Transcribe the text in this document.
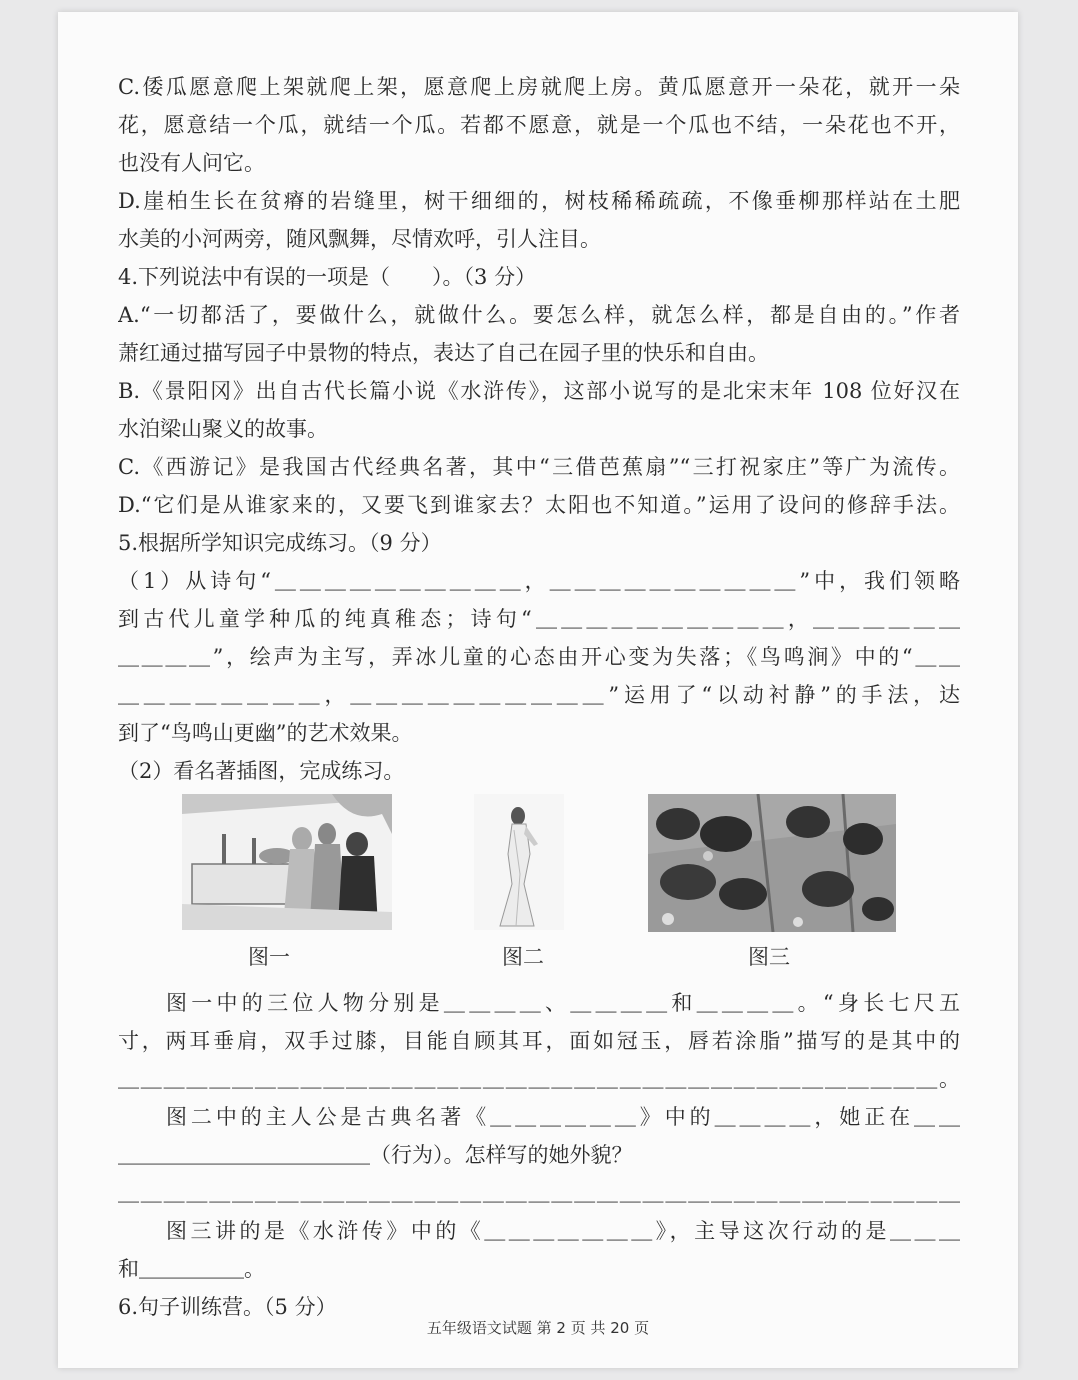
C.倭瓜愿意爬上架就爬上架，愿意爬上房就爬上房。黄瓜愿意开一朵花，就开一朵
花，愿意结一个瓜，就结一个瓜。若都不愿意，就是一个瓜也不结，一朵花也不开，
也没有人问它。
D.崖柏生长在贫瘠的岩缝里，树干细细的，树枝稀稀疏疏，不像垂柳那样站在土肥
水美的小河两旁，随风飘舞，尽情欢呼，引人注目。
4.下列说法中有误的一项是（　　）。（3 分）
A.“一切都活了，要做什么，就做什么。要怎么样，就怎么样，都是自由的。”作者
萧红通过描写园子中景物的特点，表达了自己在园子里的快乐和自由。
B.《景阳冈》出自古代长篇小说《水浒传》，这部小说写的是北宋末年 108 位好汉在
水泊梁山聚义的故事。
C.《西游记》是我国古代经典名著，其中“三借芭蕉扇”“三打祝家庄”等广为流传。
D.“它们是从谁家来的，又要飞到谁家去？太阳也不知道。”运用了设问的修辞手法。
5.根据所学知识完成练习。（9 分）
（1）从诗句“＿＿＿＿＿＿＿＿＿＿，＿＿＿＿＿＿＿＿＿＿”中，我们领略
到古代儿童学种瓜的纯真稚态；诗句“＿＿＿＿＿＿＿＿＿＿，＿＿＿＿＿＿
＿＿＿＿”，绘声为主写，弄冰儿童的心态由开心变为失落；《鸟鸣涧》中的“＿＿
＿＿＿＿＿＿＿＿，＿＿＿＿＿＿＿＿＿＿”运用了“以动衬静”的手法，达
到了“鸟鸣山更幽”的艺术效果。
（2）看名著插图，完成练习。
图一	图二	图三
图一中的三位人物分别是＿＿＿＿、＿＿＿＿和＿＿＿＿。“身长七尺五
寸，两耳垂肩，双手过膝，目能自顾其耳，面如冠玉，唇若涂脂”描写的是其中的
＿＿＿＿＿＿＿＿＿＿＿＿＿＿＿＿＿＿＿＿＿＿＿＿＿＿＿＿＿＿＿＿＿＿＿＿。
图二中的主人公是古典名著《＿＿＿＿＿＿》中的＿＿＿＿，她正在＿＿
＿＿＿＿＿＿＿＿＿＿＿＿（行为）。怎样写的她外貌？
＿＿＿＿＿＿＿＿＿＿＿＿＿＿＿＿＿＿＿＿＿＿＿＿＿＿＿＿＿＿＿＿＿＿＿＿＿
图三讲的是《水浒传》中的《＿＿＿＿＿＿＿》，主导这次行动的是＿＿＿
和＿＿＿＿＿。
6.句子训练营。（5 分）
五年级语文试题 第 2 页 共 20 页
